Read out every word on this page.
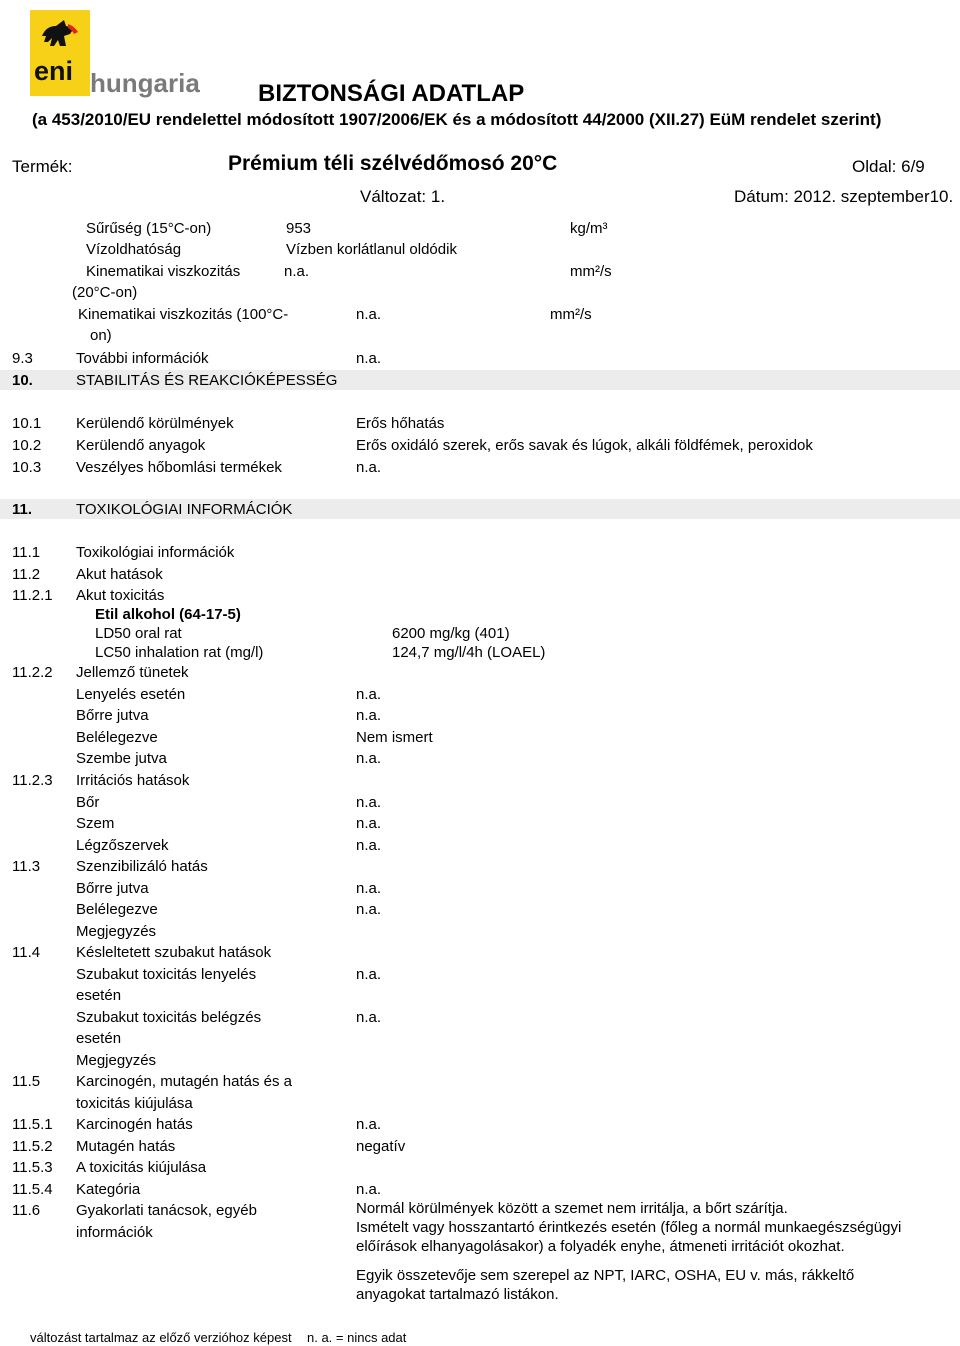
eni hungaria BIZTONSÁGI ADATLAP
(a 453/2010/EU rendelettel módosított 1907/2006/EK és a módosított 44/2000 (XII.27) EüM rendelet szerint)
Termék:	Prémium téli szélvédőmosó 20°C	Oldal: 6/9
Változat: 1.	Dátum: 2012. szeptember10.
Sűrűség (15°C-on)	953	kg/m³
Vízoldhatóság	Vízben korlátlanul oldódik
Kinematikai viszkozitás
(20°C-on)
n.a.	mm²/s
Kinematikai viszkozitás (100°C-
on)
n.a.	mm²/s
9.3	További információk	n.a.
10.	STABILITÁS ÉS REAKCIÓKÉPESSÉG
10.1 Kerülendő körülmények	Erős hőhatás
10.2 Kerülendő anyagok	Erős oxidáló szerek, erős savak és lúgok, alkáli földfémek, peroxidok
10.3 Veszélyes hőbomlási termékek	n.a.
11.	TOXIKOLÓGIAI INFORMÁCIÓK
11.1 Toxikológiai információk
11.2 Akut hatások
11.2.1 Akut toxicitás
Etil alkohol (64-17-5)
LD50 oral rat	6200 mg/kg (401)
LC50 inhalation rat (mg/l)	124,7 mg/l/4h (LOAEL)
11.2.2 Jellemző tünetek
Lenyelés esetén	n.a.
Bőrre jutva	n.a.
Belélegezve	Nem ismert
Szembe jutva	n.a.
11.2.3 Irritációs hatások
Bőr	n.a.
Szem	n.a.
Légzőszervek	n.a.
11.3 Szenzibilizáló hatás
Bőrre jutva	n.a.
Belélegezve	n.a.
Megjegyzés
11.4 Késleltetett szubakut hatások
Szubakut toxicitás lenyelés
esetén
n.a.
Szubakut toxicitás belégzés
esetén
n.a.
Megjegyzés
11.5 Karcinogén, mutagén hatás és a
toxicitás kiújulása
11.5.1 Karcinogén hatás	n.a.
11.5.2 Mutagén hatás	negatív
11.5.3 A toxicitás kiújulása
11.5.4 Kategória	n.a.
11.6 Gyakorlati tanácsok, egyéb
információk
Normál körülmények között a szemet nem irritálja, a bőrt szárítja.
Ismételt vagy hosszantartó érintkezés esetén (főleg a normál munkaegészségügyi
előírások elhanyagolásakor) a folyadék enyhe, átmeneti irritációt okozhat.
Egyik összetevője sem szerepel az NPT, IARC, OSHA, EU v. más, rákkeltő
anyagokat tartalmazó listákon.
változást tartalmaz az előző verzióhoz képest n. a. = nincs adat
